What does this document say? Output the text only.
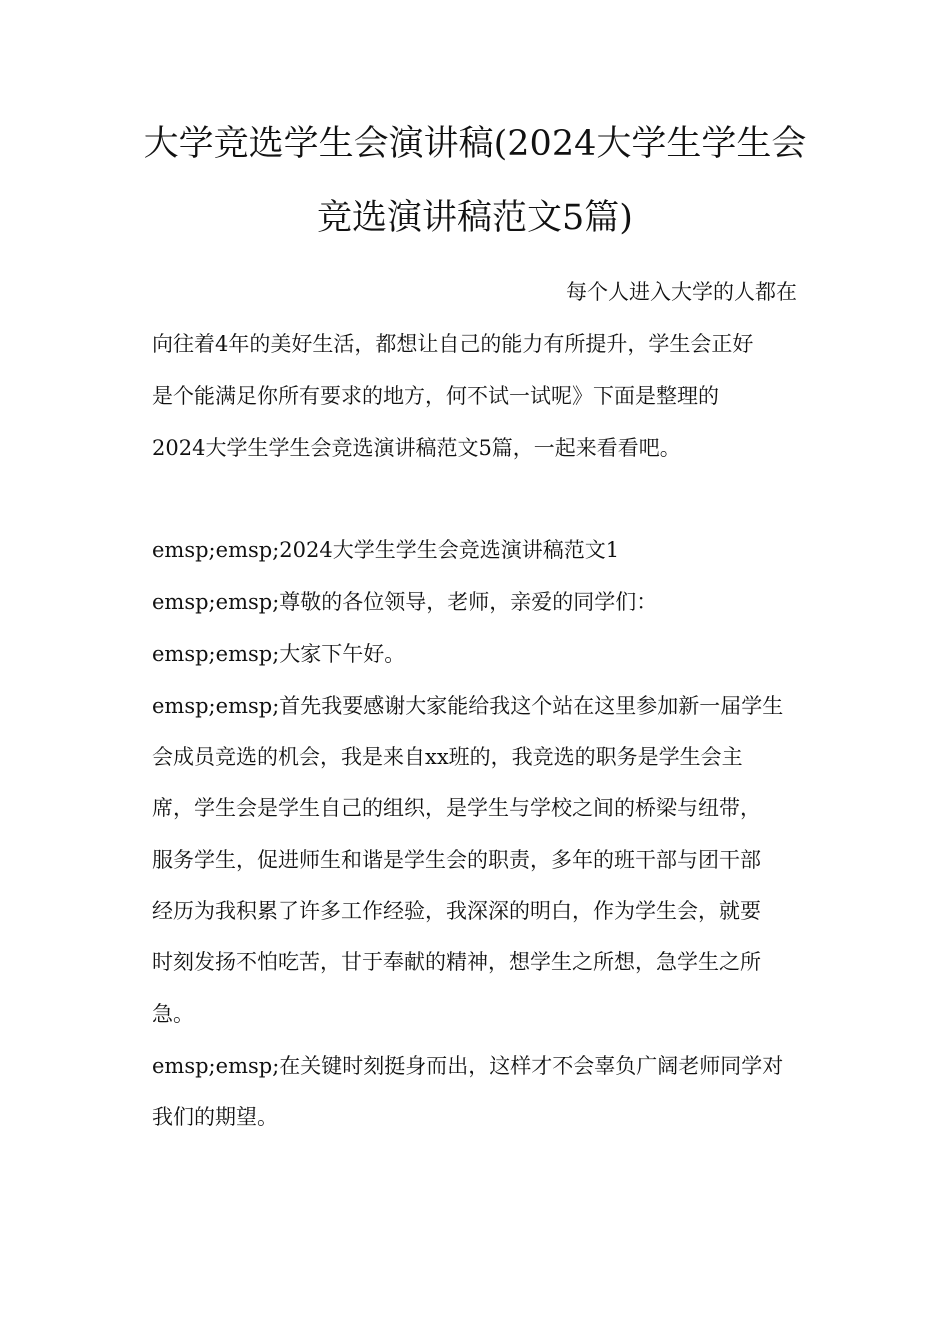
大学竞选学生会演讲稿(2024大学生学生会
竞选演讲稿范文5篇)
每个人进入大学的人都在
向往着4年的美好生活，都想让自己的能力有所提升，学生会正好
是个能满足你所有要求的地方，何不试一试呢》下面是整理的
2024大学生学生会竞选演讲稿范文5篇，一起来看看吧。
emsp;emsp;2024大学生学生会竞选演讲稿范文1
emsp;emsp;尊敬的各位领导，老师，亲爱的同学们：
emsp;emsp;大家下午好。
emsp;emsp;首先我要感谢大家能给我这个站在这里参加新一届学生
会成员竞选的机会，我是来自xx班的，我竞选的职务是学生会主
席，学生会是学生自己的组织，是学生与学校之间的桥梁与纽带，
服务学生，促进师生和谐是学生会的职责，多年的班干部与团干部
经历为我积累了许多工作经验，我深深的明白，作为学生会，就要
时刻发扬不怕吃苦，甘于奉献的精神，想学生之所想，急学生之所
急。
emsp;emsp;在关键时刻挺身而出，这样才不会辜负广阔老师同学对
我们的期望。
